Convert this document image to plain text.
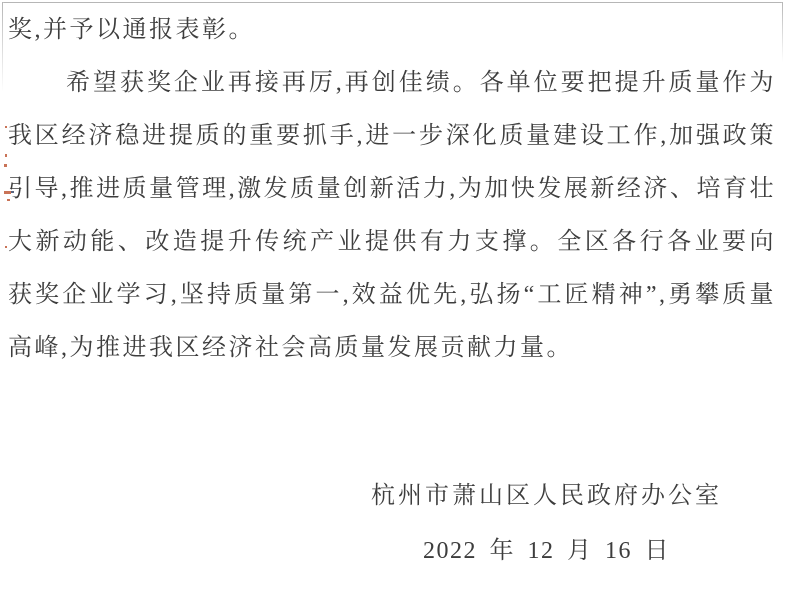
奖,并予以通报表彰。

希望获奖企业再接再厉,再创佳绩。各单位要把提升质量作为我区经济稳进提质的重要抓手,进一步深化质量建设工作,加强政策引导,推进质量管理,激发质量创新活力,为加快发展新经济、培育壮大新动能、改造提升传统产业提供有力支撑。全区各行各业要向获奖企业学习,坚持质量第一,效益优先,弘扬“工匠精神”,勇攀质量高峰,为推进我区经济社会高质量发展贡献力量。

杭州市萧山区人民政府办公室
2022 年 12 月 16 日
